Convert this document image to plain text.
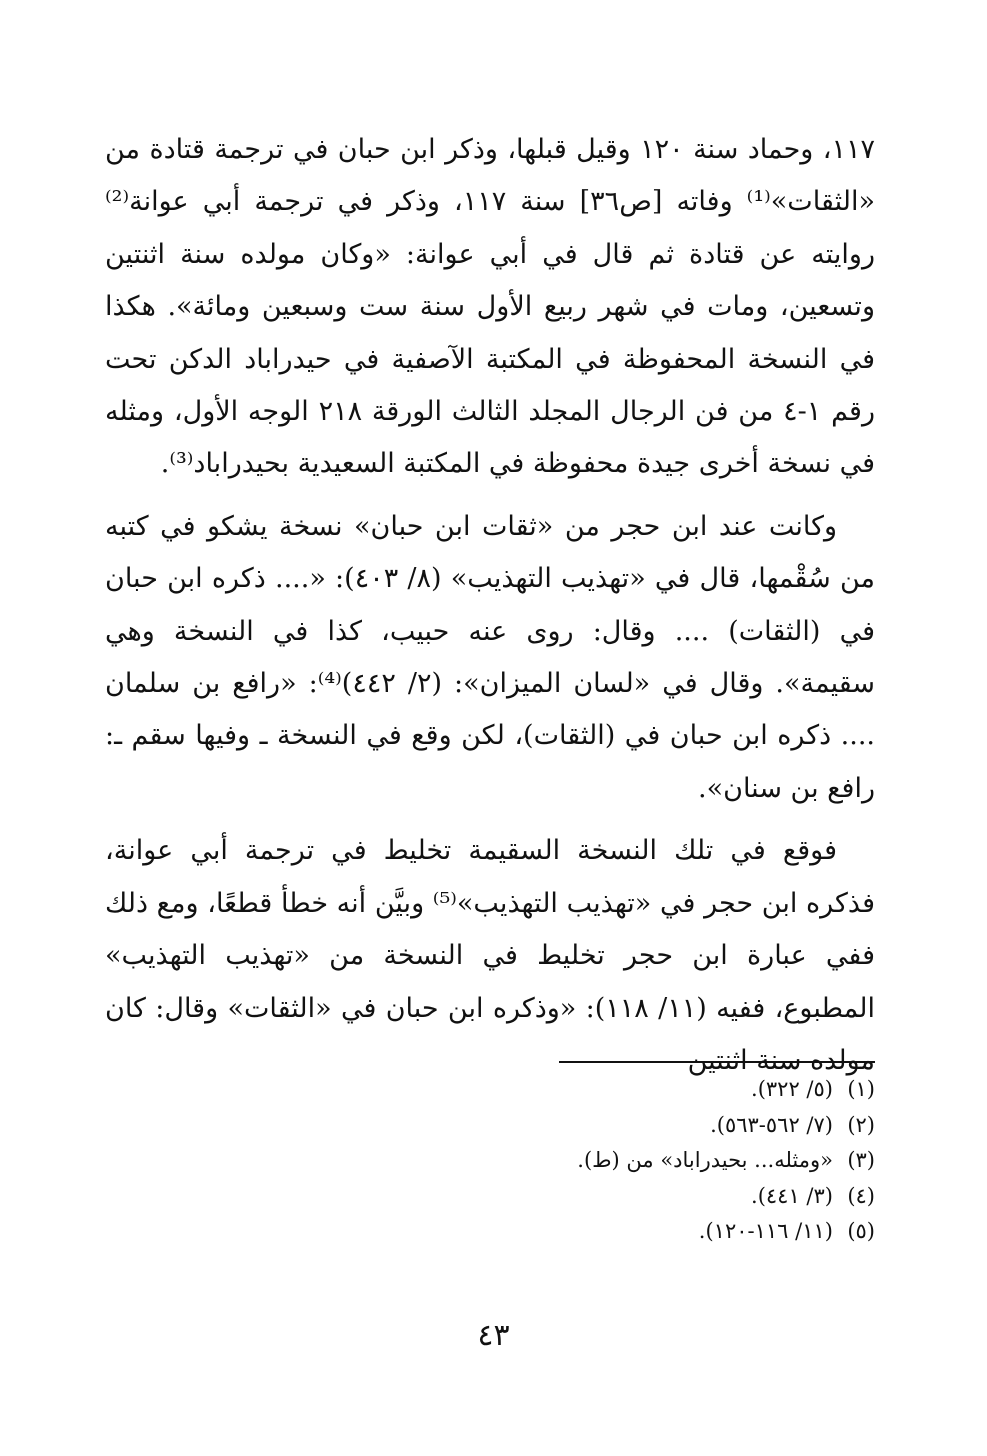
١١٧، وحماد سنة ١٢٠ وقيل قبلها، وذكر ابن حبان في ترجمة قتادة من «الثقات»⁽¹⁾ وفاته [ص٣٦] سنة ١١٧، وذكر في ترجمة أبي عوانة⁽²⁾ روايته عن قتادة ثم قال في أبي عوانة: «وكان مولده سنة اثنتين وتسعين، ومات في شهر ربيع الأول سنة ست وسبعين ومائة». هكذا في النسخة المحفوظة في المكتبة الآصفية في حيدراباد الدكن تحت رقم ١-٤ من فن الرجال المجلد الثالث الورقة ٢١٨ الوجه الأول، ومثله في نسخة أخرى جيدة محفوظة في المكتبة السعيدية بحيدراباد⁽³⁾.

وكانت عند ابن حجر من «ثقات ابن حبان» نسخة يشكو في كتبه من سُقْمها، قال في «تهذيب التهذيب» (٨/ ٤٠٣): «.... ذكره ابن حبان في (الثقات) .... وقال: روى عنه حبيب، كذا في النسخة وهي سقيمة». وقال في «لسان الميزان»: (٢/ ٤٤٢)⁽⁴⁾: «رافع بن سلمان .... ذكره ابن حبان في (الثقات)، لكن وقع في النسخة ـ وفيها سقم ـ: رافع بن سنان».

فوقع في تلك النسخة السقيمة تخليط في ترجمة أبي عوانة، فذكره ابن حجر في «تهذيب التهذيب»⁽⁵⁾ وبيَّن أنه خطأ قطعًا، ومع ذلك ففي عبارة ابن حجر تخليط في النسخة من «تهذيب التهذيب» المطبوع، ففيه (١١/ ١١٨): «وذكره ابن حبان في «الثقات» وقال: كان مولده سنة اثنتين

(١)
(٥/ ٣٢٢).
(٢)
(٧/ ٥٦٢-٥٦٣).
(٣)
«ومثله... بحيدراباد» من (ط).
(٤)
(٣/ ٤٤١).
(٥)
(١١/ ١١٦-١٢٠).
٤٣
